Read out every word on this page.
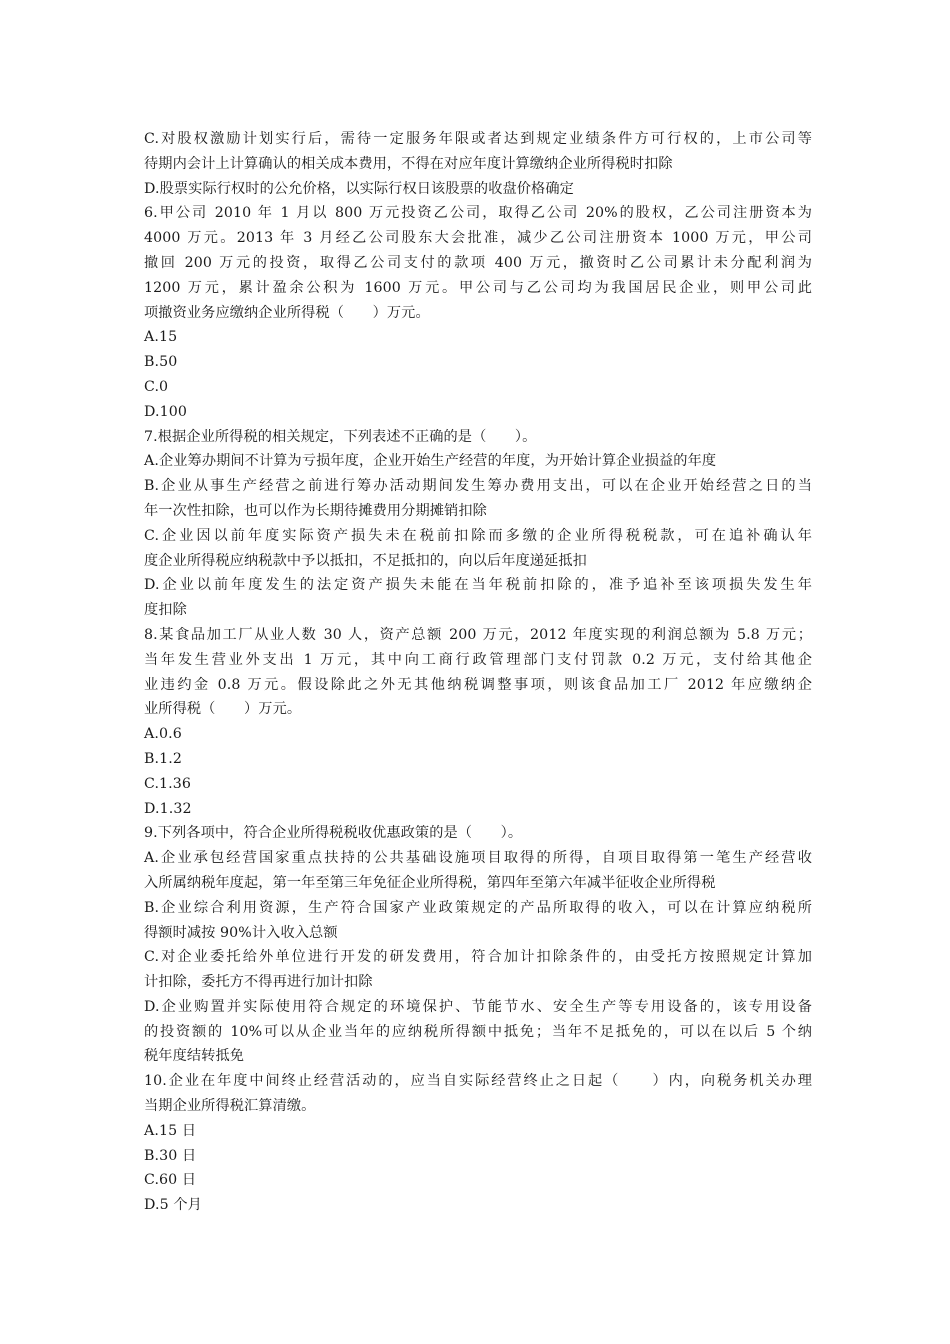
C.对股权激励计划实行后，需待一定服务年限或者达到规定业绩条件方可行权的，上市公司等
待期内会计上计算确认的相关成本费用，不得在对应年度计算缴纳企业所得税时扣除
D.股票实际行权时的公允价格，以实际行权日该股票的收盘价格确定
6.甲公司 2010 年 1 月以 800 万元投资乙公司，取得乙公司 20%的股权，乙公司注册资本为
4000 万元。2013 年 3 月经乙公司股东大会批准，减少乙公司注册资本 1000 万元，甲公司
撤回 200 万元的投资，取得乙公司支付的款项 400 万元，撤资时乙公司累计未分配利润为
1200 万元，累计盈余公积为 1600 万元。甲公司与乙公司均为我国居民企业，则甲公司此
项撤资业务应缴纳企业所得税（　　）万元。
A.15
B.50
C.0
D.100
7.根据企业所得税的相关规定，下列表述不正确的是（　　）。
A.企业筹办期间不计算为亏损年度，企业开始生产经营的年度，为开始计算企业损益的年度
B.企业从事生产经营之前进行筹办活动期间发生筹办费用支出，可以在企业开始经营之日的当
年一次性扣除，也可以作为长期待摊费用分期摊销扣除
C.企业因以前年度实际资产损失未在税前扣除而多缴的企业所得税税款，可在追补确认年
度企业所得税应纳税款中予以抵扣，不足抵扣的，向以后年度递延抵扣
D.企业以前年度发生的法定资产损失未能在当年税前扣除的，准予追补至该项损失发生年
度扣除
8.某食品加工厂从业人数 30 人，资产总额 200 万元，2012 年度实现的利润总额为 5.8 万元；
当年发生营业外支出 1 万元，其中向工商行政管理部门支付罚款 0.2 万元，支付给其他企
业违约金 0.8 万元。假设除此之外无其他纳税调整事项，则该食品加工厂 2012 年应缴纳企
业所得税（　　）万元。
A.0.6
B.1.2
C.1.36
D.1.32
9.下列各项中，符合企业所得税税收优惠政策的是（　　）。
A.企业承包经营国家重点扶持的公共基础设施项目取得的所得，自项目取得第一笔生产经营收
入所属纳税年度起，第一年至第三年免征企业所得税，第四年至第六年减半征收企业所得税
B.企业综合利用资源，生产符合国家产业政策规定的产品所取得的收入，可以在计算应纳税所
得额时减按 90%计入收入总额
C.对企业委托给外单位进行开发的研发费用，符合加计扣除条件的，由受托方按照规定计算加
计扣除，委托方不得再进行加计扣除
D.企业购置并实际使用符合规定的环境保护、节能节水、安全生产等专用设备的，该专用设备
的投资额的 10%可以从企业当年的应纳税所得额中抵免；当年不足抵免的，可以在以后 5 个纳
税年度结转抵免
10.企业在年度中间终止经营活动的，应当自实际经营终止之日起（　　）内，向税务机关办理
当期企业所得税汇算清缴。
A.15 日
B.30 日
C.60 日
D.5 个月
